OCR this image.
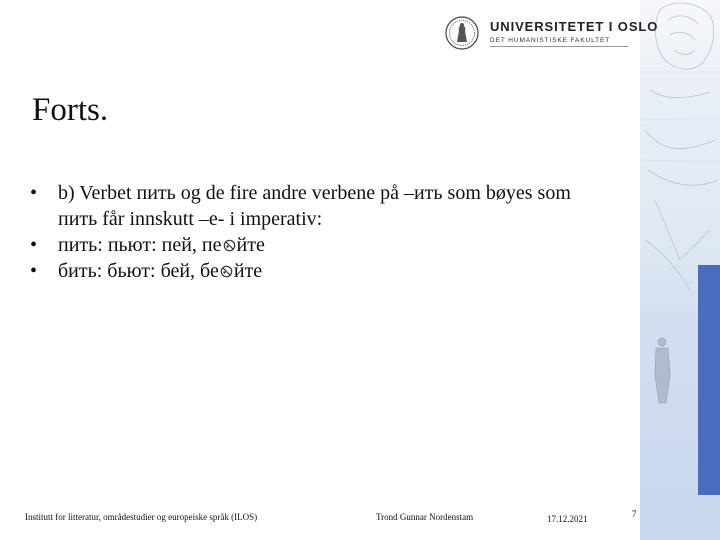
UNIVERSITETET I OSLO
DET HUMANISTISKE FAKULTET
Forts.
•	b) Verbet пить og de fire andre verbene på –ить som bøyes som пить får innskutt –е- i imperativ:
•	пить: пьют: пей, пе йте
•	бить: бьют: бей, бе йте
Institutt for litteratur, områdestudier og europeiske språk (ILOS)	Trond Gunnar Nordenstam	17.12.2021	7
